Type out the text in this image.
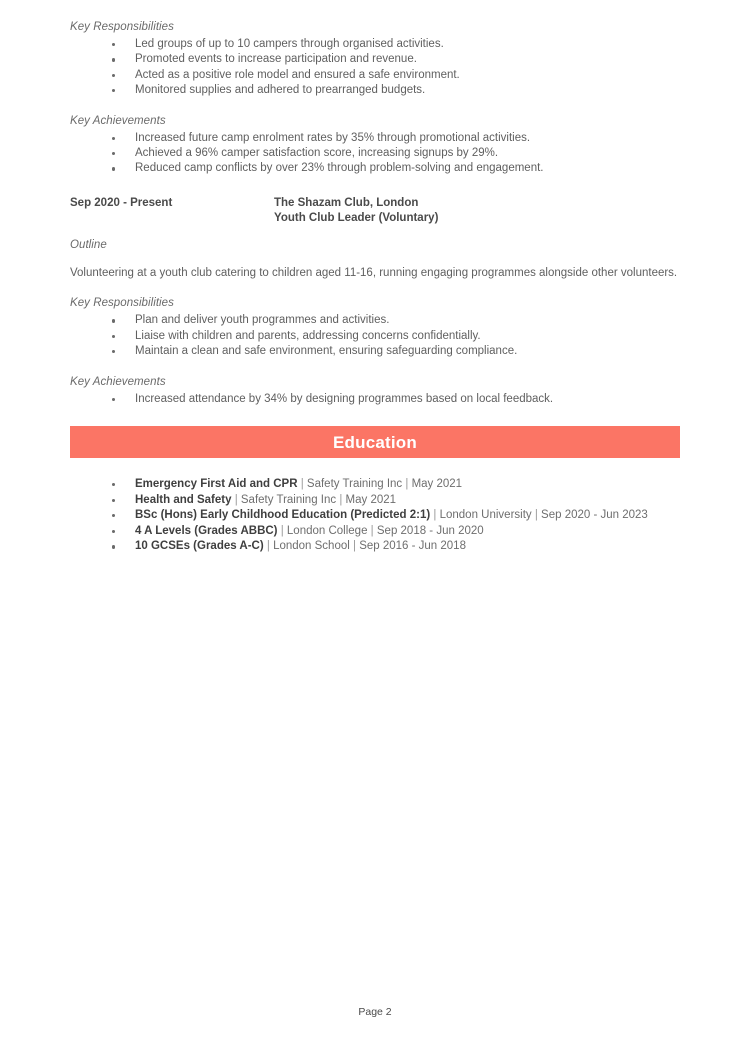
Key Responsibilities
Led groups of up to 10 campers through organised activities.
Promoted events to increase participation and revenue.
Acted as a positive role model and ensured a safe environment.
Monitored supplies and adhered to prearranged budgets.
Key Achievements
Increased future camp enrolment rates by 35% through promotional activities.
Achieved a 96% camper satisfaction score, increasing signups by 29%.
Reduced camp conflicts by over 23% through problem-solving and engagement.
Sep 2020 - Present	The Shazam Club, London
Youth Club Leader (Voluntary)
Outline

Volunteering at a youth club catering to children aged 11-16, running engaging programmes alongside other volunteers.

Key Responsibilities
Plan and deliver youth programmes and activities.
Liaise with children and parents, addressing concerns confidentially.
Maintain a clean and safe environment, ensuring safeguarding compliance.
Key Achievements
Increased attendance by 34% by designing programmes based on local feedback.
Education
Emergency First Aid and CPR | Safety Training Inc | May 2021
Health and Safety | Safety Training Inc | May 2021
BSc (Hons) Early Childhood Education (Predicted 2:1) | London University | Sep 2020 - Jun 2023
4 A Levels (Grades ABBC) | London College | Sep 2018 - Jun 2020
10 GCSEs (Grades A-C) | London School | Sep 2016 - Jun 2018
Page 2
